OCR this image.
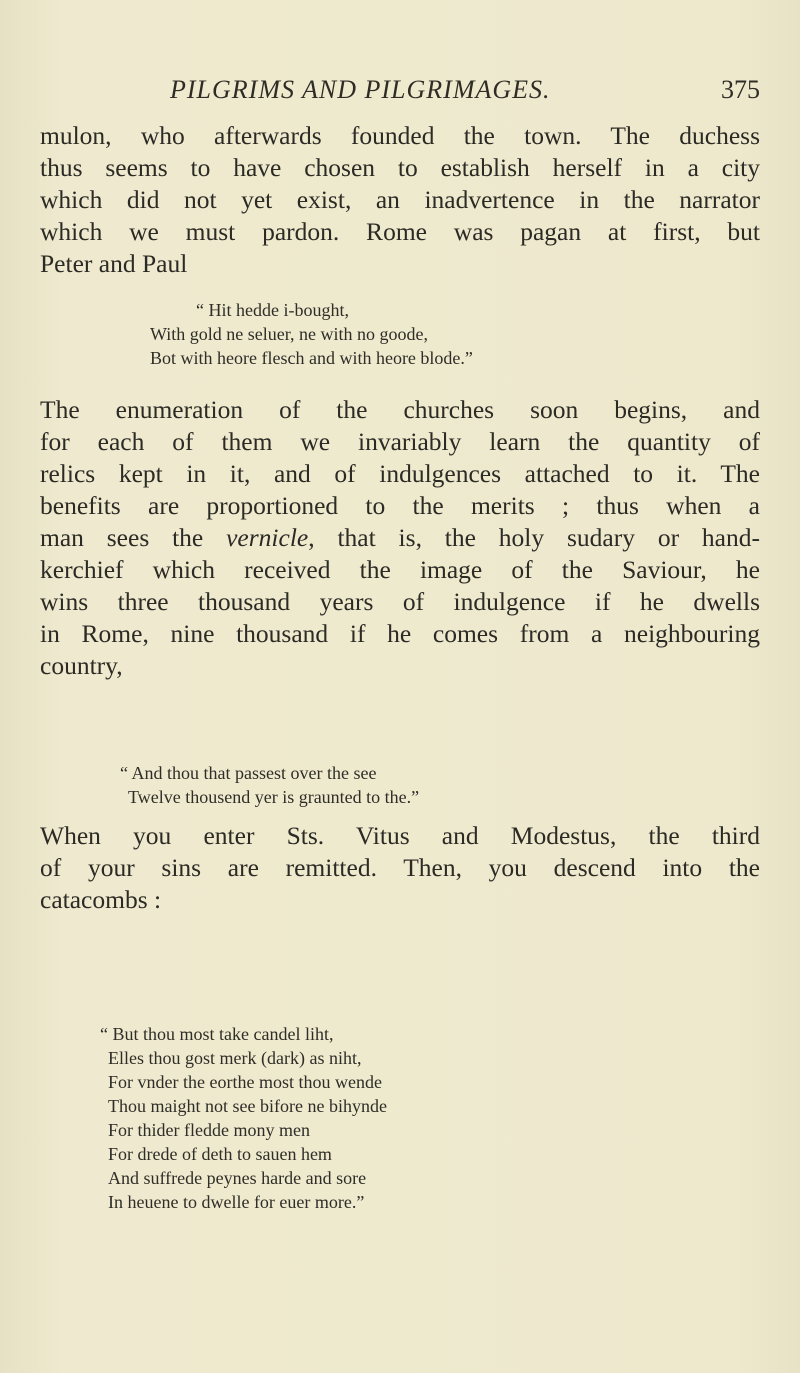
PILGRIMS AND PILGRIMAGES.	375
mulon, who afterwards founded the town. The duchess
thus seems to have chosen to establish herself in a city
which did not yet exist, an inadvertence in the narrator
which we must pardon. Rome was pagan at first, but
Peter and Paul
“ Hit hedde i-bought,
With gold ne seluer, ne with no goode,
Bot with heore flesch and with heore blode.”
The enumeration of the churches soon begins, and
for each of them we invariably learn the quantity of
relics kept in it, and of indulgences attached to it. The
benefits are proportioned to the merits ; thus when a
man sees the vernicle, that is, the holy sudary or hand-
kerchief which received the image of the Saviour, he
wins three thousand years of indulgence if he dwells
in Rome, nine thousand if he comes from a neighbouring
country,
“ And thou that passest over the see
Twelve thousend yer is graunted to the.”
When you enter Sts. Vitus and Modestus, the third
of your sins are remitted. Then, you descend into the
catacombs :
“ But thou most take candel liht,
Elles thou gost merk (dark) as niht,
For vnder the eorthe most thou wende
Thou maight not see bifore ne bihynde
For thider fledde mony men
For drede of deth to sauen hem
And suffrede peynes harde and sore
In heuene to dwelle for euer more.”
